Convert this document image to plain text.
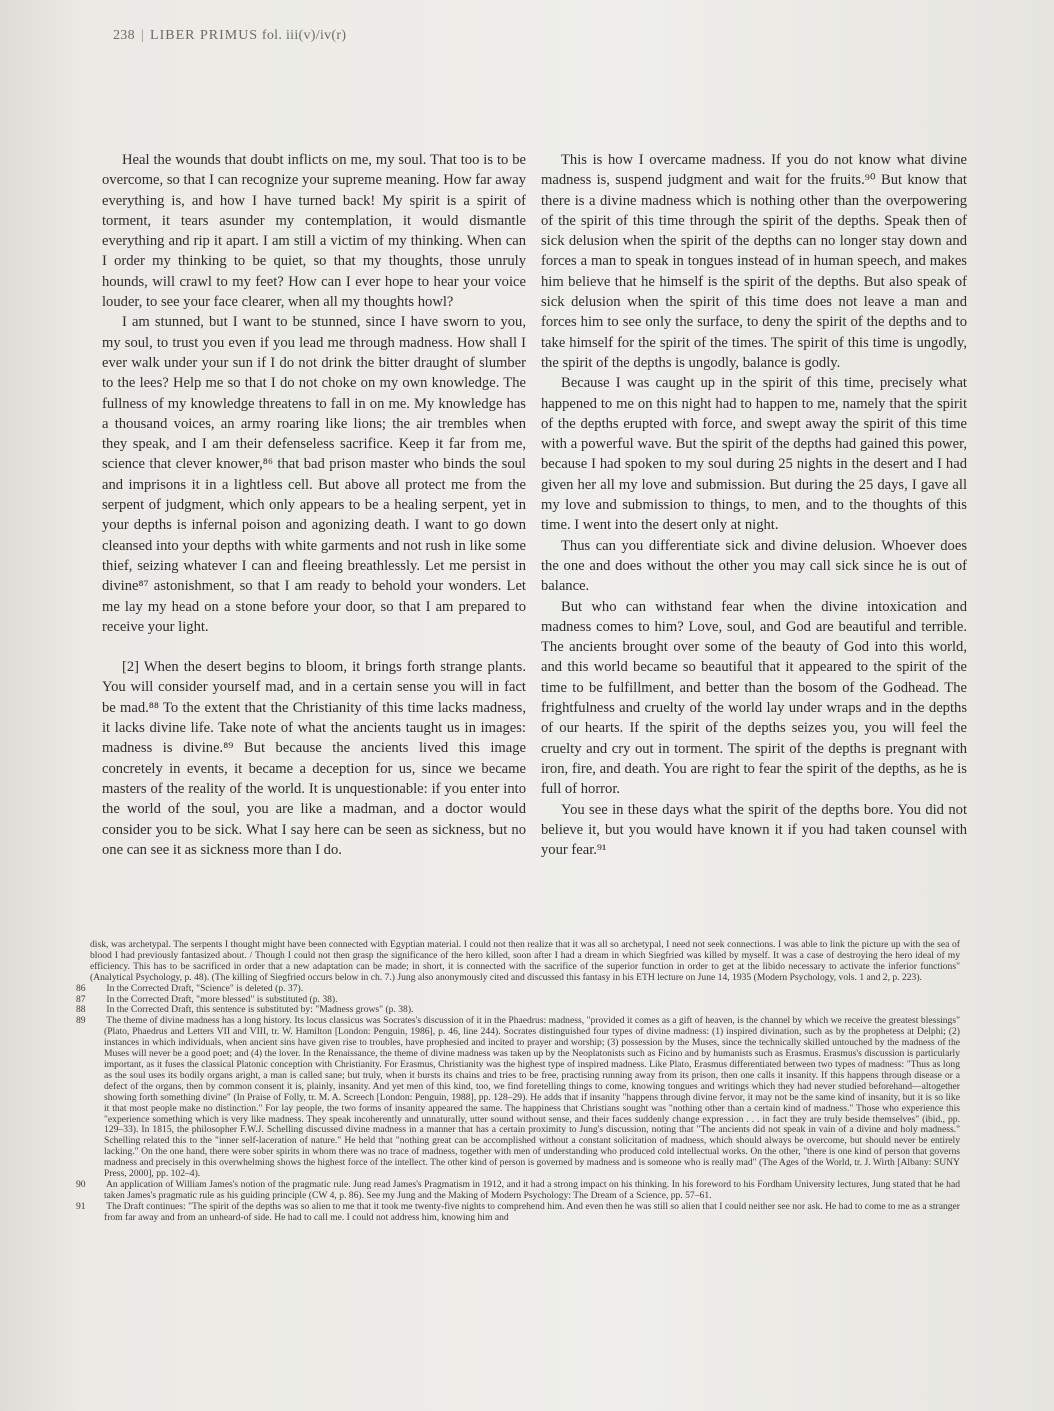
238 | LIBER PRIMUS fol. iii(v)/iv(r)

Heal the wounds that doubt inflicts on me, my soul. That too is to be overcome, so that I can recognize your supreme meaning. How far away everything is, and how I have turned back! My spirit is a spirit of torment, it tears asunder my contemplation, it would dismantle everything and rip it apart. I am still a victim of my thinking. When can I order my thinking to be quiet, so that my thoughts, those unruly hounds, will crawl to my feet? How can I ever hope to hear your voice louder, to see your face clearer, when all my thoughts howl?

I am stunned, but I want to be stunned, since I have sworn to you, my soul, to trust you even if you lead me through madness. How shall I ever walk under your sun if I do not drink the bitter draught of slumber to the lees? Help me so that I do not choke on my own knowledge. The fullness of my knowledge threatens to fall in on me. My knowledge has a thousand voices, an army roaring like lions; the air trembles when they speak, and I am their defenseless sacrifice. Keep it far from me, science that clever knower,⁸⁶ that bad prison master who binds the soul and imprisons it in a lightless cell. But above all protect me from the serpent of judgment, which only appears to be a healing serpent, yet in your depths is infernal poison and agonizing death. I want to go down cleansed into your depths with white garments and not rush in like some thief, seizing whatever I can and fleeing breathlessly. Let me persist in divine⁸⁷ astonishment, so that I am ready to behold your wonders. Let me lay my head on a stone before your door, so that I am prepared to receive your light.

[2] When the desert begins to bloom, it brings forth strange plants. You will consider yourself mad, and in a certain sense you will in fact be mad.⁸⁸ To the extent that the Christianity of this time lacks madness, it lacks divine life. Take note of what the ancients taught us in images: madness is divine.⁸⁹ But because the ancients lived this image concretely in events, it became a deception for us, since we became masters of the reality of the world. It is unquestionable: if you enter into the world of the soul, you are like a madman, and a doctor would consider you to be sick. What I say here can be seen as sickness, but no one can see it as sickness more than I do.

This is how I overcame madness. If you do not know what divine madness is, suspend judgment and wait for the fruits.⁹⁰ But know that there is a divine madness which is nothing other than the overpowering of the spirit of this time through the spirit of the depths. Speak then of sick delusion when the spirit of the depths can no longer stay down and forces a man to speak in tongues instead of in human speech, and makes him believe that he himself is the spirit of the depths. But also speak of sick delusion when the spirit of this time does not leave a man and forces him to see only the surface, to deny the spirit of the depths and to take himself for the spirit of the times. The spirit of this time is ungodly, the spirit of the depths is ungodly, balance is godly.

Because I was caught up in the spirit of this time, precisely what happened to me on this night had to happen to me, namely that the spirit of the depths erupted with force, and swept away the spirit of this time with a powerful wave. But the spirit of the depths had gained this power, because I had spoken to my soul during 25 nights in the desert and I had given her all my love and submission. But during the 25 days, I gave all my love and submission to things, to men, and to the thoughts of this time. I went into the desert only at night.

Thus can you differentiate sick and divine delusion. Whoever does the one and does without the other you may call sick since he is out of balance.

But who can withstand fear when the divine intoxication and madness comes to him? Love, soul, and God are beautiful and terrible. The ancients brought over some of the beauty of God into this world, and this world became so beautiful that it appeared to the spirit of the time to be fulfillment, and better than the bosom of the Godhead. The frightfulness and cruelty of the world lay under wraps and in the depths of our hearts. If the spirit of the depths seizes you, you will feel the cruelty and cry out in torment. The spirit of the depths is pregnant with iron, fire, and death. You are right to fear the spirit of the depths, as he is full of horror.

You see in these days what the spirit of the depths bore. You did not believe it, but you would have known it if you had taken counsel with your fear.⁹¹

disk, was archetypal. The serpents I thought might have been connected with Egyptian material. I could not then realize that it was all so archetypal, I need not seek connections. I was able to link the picture up with the sea of blood I had previously fantasized about. / Though I could not then grasp the significance of the hero killed, soon after I had a dream in which Siegfried was killed by myself. It was a case of destroying the hero ideal of my efficiency. This has to be sacrificed in order that a new adaptation can be made; in short, it is connected with the sacrifice of the superior function in order to get at the libido necessary to activate the inferior functions" (Analytical Psychology, p. 48). (The killing of Siegfried occurs below in ch. 7.) Jung also anonymously cited and discussed this fantasy in his ETH lecture on June 14, 1935 (Modern Psychology, vols. 1 and 2, p. 223).

86 In the Corrected Draft, "Science" is deleted (p. 37).

87 In the Corrected Draft, "more blessed" is substituted (p. 38).

88 In the Corrected Draft, this sentence is substituted by: "Madness grows" (p. 38).

89 The theme of divine madness has a long history. Its locus classicus was Socrates's discussion of it in the Phaedrus: madness, "provided it comes as a gift of heaven, is the channel by which we receive the greatest blessings" (Plato, Phaedrus and Letters VII and VIII, tr. W. Hamilton [London: Penguin, 1986], p. 46, line 244). Socrates distinguished four types of divine madness: (1) inspired divination, such as by the prophetess at Delphi; (2) instances in which individuals, when ancient sins have given rise to troubles, have prophesied and incited to prayer and worship; (3) possession by the Muses, since the technically skilled untouched by the madness of the Muses will never be a good poet; and (4) the lover. In the Renaissance, the theme of divine madness was taken up by the Neoplatonists such as Ficino and by humanists such as Erasmus. Erasmus's discussion is particularly important, as it fuses the classical Platonic conception with Christianity. For Erasmus, Christianity was the highest type of inspired madness. Like Plato, Erasmus differentiated between two types of madness: "Thus as long as the soul uses its bodily organs aright, a man is called sane; but truly, when it bursts its chains and tries to be free, practising running away from its prison, then one calls it insanity. If this happens through disease or a defect of the organs, then by common consent it is, plainly, insanity. And yet men of this kind, too, we find foretelling things to come, knowing tongues and writings which they had never studied beforehand—altogether showing forth something divine" (In Praise of Folly, tr. M. A. Screech [London: Penguin, 1988], pp. 128–29). He adds that if insanity "happens through divine fervor, it may not be the same kind of insanity, but it is so like it that most people make no distinction." For lay people, the two forms of insanity appeared the same. The happiness that Christians sought was "nothing other than a certain kind of madness." Those who experience this "experience something which is very like madness. They speak incoherently and unnaturally, utter sound without sense, and their faces suddenly change expression . . . in fact they are truly beside themselves" (ibid., pp. 129–33). In 1815, the philosopher F.W.J. Schelling discussed divine madness in a manner that has a certain proximity to Jung's discussion, noting that "The ancients did not speak in vain of a divine and holy madness." Schelling related this to the "inner self-laceration of nature." He held that "nothing great can be accomplished without a constant solicitation of madness, which should always be overcome, but should never be entirely lacking." On the one hand, there were sober spirits in whom there was no trace of madness, together with men of understanding who produced cold intellectual works. On the other, "there is one kind of person that governs madness and precisely in this overwhelming shows the highest force of the intellect. The other kind of person is governed by madness and is someone who is really mad" (The Ages of the World, tr. J. Wirth [Albany: SUNY Press, 2000], pp. 102–4).

90 An application of William James's notion of the pragmatic rule. Jung read James's Pragmatism in 1912, and it had a strong impact on his thinking. In his foreword to his Fordham University lectures, Jung stated that he had taken James's pragmatic rule as his guiding principle (CW 4, p. 86). See my Jung and the Making of Modern Psychology: The Dream of a Science, pp. 57–61.

91 The Draft continues: "The spirit of the depths was so alien to me that it took me twenty-five nights to comprehend him. And even then he was still so alien that I could neither see nor ask. He had to come to me as a stranger from far away and from an unheard-of side. He had to call me. I could not address him, knowing him and
